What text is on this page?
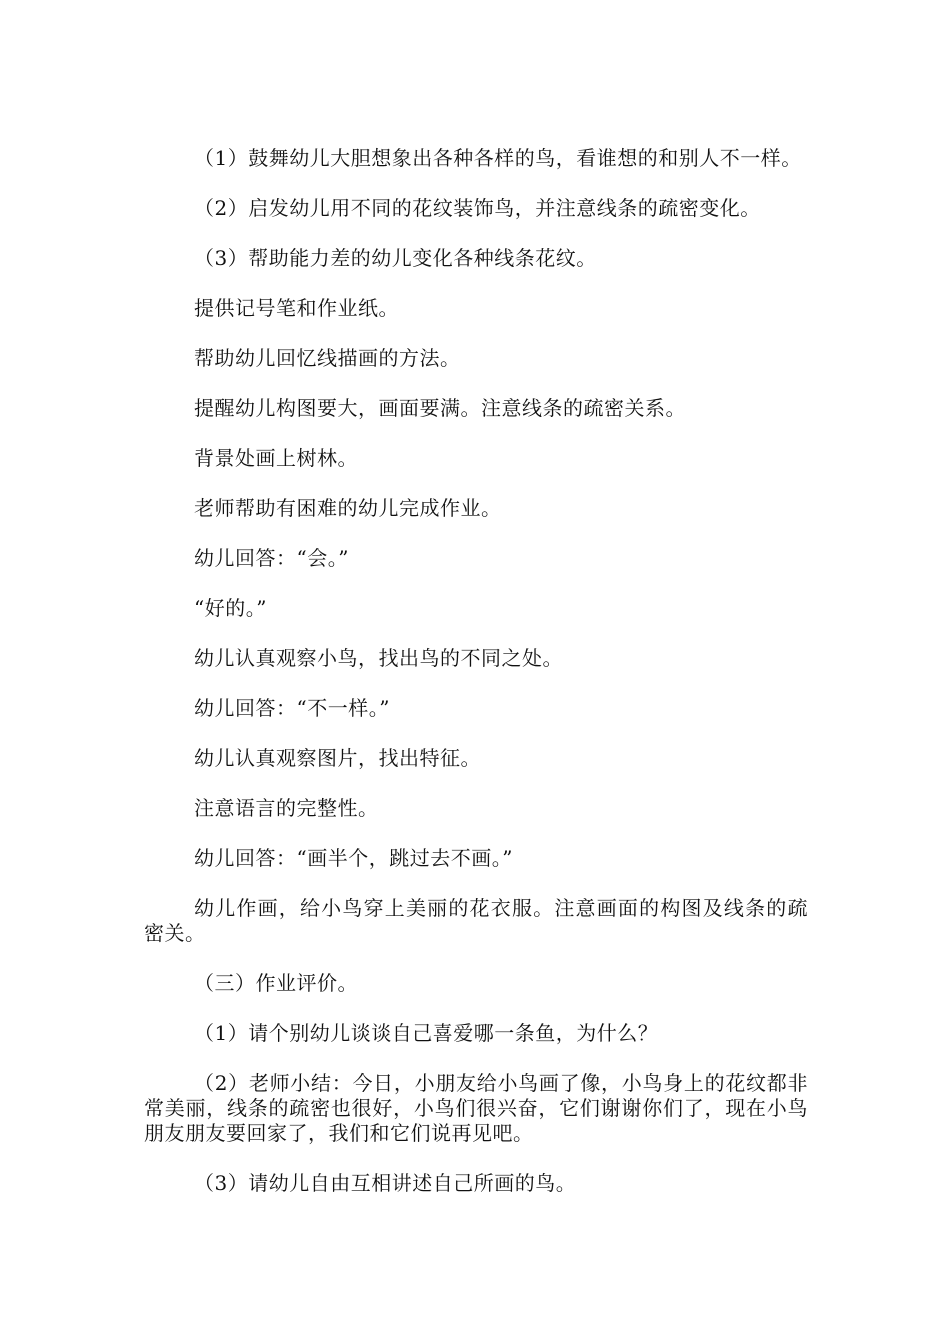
（1）鼓舞幼儿大胆想象出各种各样的鸟，看谁想的和别人不一样。

（2）启发幼儿用不同的花纹装饰鸟，并注意线条的疏密变化。

（3）帮助能力差的幼儿变化各种线条花纹。

提供记号笔和作业纸。

帮助幼儿回忆线描画的方法。

提醒幼儿构图要大，画面要满。注意线条的疏密关系。

背景处画上树林。

老师帮助有困难的幼儿完成作业。

幼儿回答：“会。”

“好的。”

幼儿认真观察小鸟，找出鸟的不同之处。

幼儿回答：“不一样。”

幼儿认真观察图片，找出特征。

注意语言的完整性。

幼儿回答：“画半个，跳过去不画。”

幼儿作画，给小鸟穿上美丽的花衣服。注意画面的构图及线条的疏密关。

（三）作业评价。

（1）请个别幼儿谈谈自己喜爱哪一条鱼，为什么？

（2）老师小结：今日，小朋友给小鸟画了像，小鸟身上的花纹都非常美丽，线条的疏密也很好，小鸟们很兴奋，它们谢谢你们了，现在小鸟朋友朋友要回家了，我们和它们说再见吧。

（3）请幼儿自由互相讲述自己所画的鸟。
